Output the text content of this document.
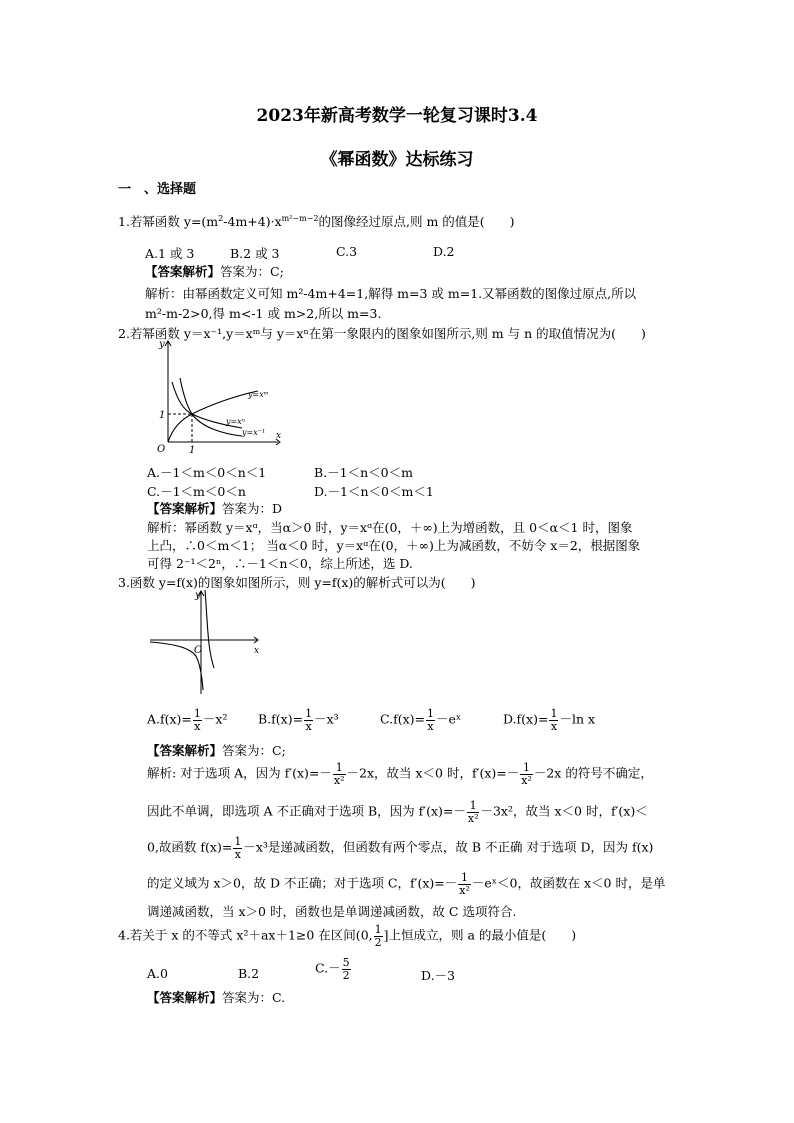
2023年新高考数学一轮复习课时3.4
《幂函数》达标练习
一　、选择题
1.若幂函数 $y=(m^2-4m+4)\cdot x^{m^2-m-2}$的图像经过原点,则 m 的值是(　　)
A.1 或 3	B.2 或 3	C.3	D.2
【答案解析】答案为：C;
解析：由幂函数定义可知 m²-4m+4=1,解得 m=3 或 m=1.又幂函数的图像过原点,所以
m²-m-2>0,得 m<-1 或 m>2,所以 m=3.
2.若幂函数 y＝x⁻¹,y＝xᵐ与 y＝xⁿ在第一象限内的图象如图所示,则 m 与 n 的取值情况为(　　)
y
x
O
1
1
y=xᵐ
y=xⁿ
y=x⁻¹
A.－1＜m＜0＜n＜1	B.－1＜n＜0＜m
C.－1＜m＜0＜n	D.－1＜n＜0＜m＜1
【答案解析】答案为：D
解析：幂函数 y＝xᵅ，当α＞0 时，y＝xᵅ在(0，＋∞)上为增函数，且 0＜α＜1 时，图象
上凸，∴0＜m＜1； 当α＜0 时，y＝xᵅ在(0，＋∞)上为减函数，不妨令 x＝2，根据图象
可得 2⁻¹＜2ⁿ，∴－1＜n＜0，综上所述，选 D.
3.函数 y=f(x)的图象如图所示，则 y=f(x)的解析式可以为(　　)
y
x
O
$A.f(x)= \frac{1}{x} -x^2$ $B.f(x)= \frac{1}{x} -x^3$	$C.f(x)= \frac{1}{x}$ －eˣ	$D.f(x)= \frac{1}{x} -\ln$ x
【答案解析】答案为：C;
解析: 对于选项 A，因为 $f'(x)=- \frac{1}{\text{x²}} -2x$，故当 x＜0 时，$f'(x)=- \frac{1}{\text{x²}} -2x$ 的符号不确定，
因此不单调，即选项 A 不正确对于选项 B，因为 $f'(x)=- \frac{1}{\text{x²}} -3x^2$，故当 x＜0 时，f′(x)＜
0,故函数 $f(x)= \frac{1}{x} -x^3$是递减函数，但函数有两个零点，故 B 不正确 对于选项 D，因为 f(x)
的定义域为 x＞0，故 D 不正确；对于选项 C，$f'(x)=- \frac{1}{\text{x²}}$ －eˣ＜0，故函数在 x＜0 时，是单
调递减函数，当 x＞0 时，函数也是单调递减函数，故 C 选项符合.
4.若关于 x 的不等式 x²＋ax＋1≥0 在区间(0, $\frac{1}{2}$ ]上恒成立，则 a 的最小值是(　　)
A.0	B.2	$C.- \frac{5}{2}$	D.－3
【答案解析】答案为：C.
